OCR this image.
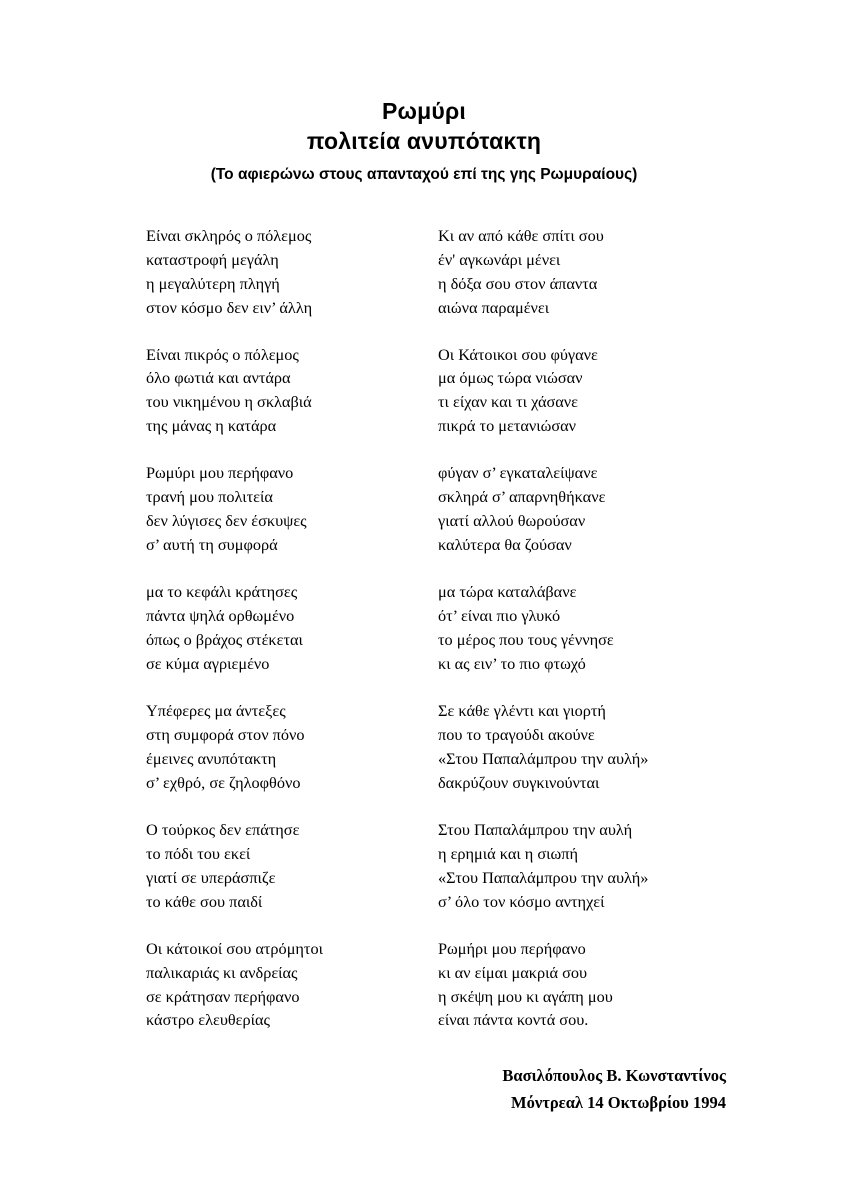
Ρωμύρι
πολιτεία ανυπότακτη
(Το αφιερώνω στους απανταχού επί της γης Ρωμυραίους)
Είναι σκληρός ο πόλεμος
καταστροφή μεγάλη
η μεγαλύτερη πληγή
στον κόσμο δεν ειν’ άλλη
Είναι πικρός ο πόλεμος
όλο φωτιά και αντάρα
του νικημένου η σκλαβιά
της μάνας η κατάρα
Ρωμύρι μου περήφανο
τρανή μου πολιτεία
δεν λύγισες δεν έσκυψες
σ’ αυτή τη συμφορά
μα το κεφάλι κράτησες
πάντα ψηλά ορθωμένο
όπως ο βράχος στέκεται
σε κύμα αγριεμένο
Υπέφερες μα άντεξες
στη συμφορά στον πόνο
έμεινες ανυπότακτη
σ’ εχθρό, σε ζηλοφθόνο
Ο τούρκος δεν επάτησε
το πόδι του εκεί
γιατί σε υπεράσπιζε
το κάθε σου παιδί
Οι κάτοικοί σου ατρόμητοι
παλικαριάς κι ανδρείας
σε κράτησαν περήφανο
κάστρο ελευθερίας
Κι αν από κάθε σπίτι σου
έν' αγκωνάρι μένει
η δόξα σου στον άπαντα
αιώνα παραμένει
Οι Κάτοικοι σου φύγανε
μα όμως τώρα νιώσαν
τι είχαν και τι χάσανε
πικρά το μετανιώσαν
φύγαν σ’ εγκαταλείψανε
σκληρά σ’ απαρνηθήκανε
γιατί αλλού θωρούσαν
καλύτερα θα ζούσαν
μα τώρα καταλάβανε
ότ’ είναι πιο γλυκό
το μέρος που τους γέννησε
κι ας ειν’ το πιο φτωχό
Σε κάθε γλέντι και γιορτή
που το τραγούδι ακούνε
«Στου Παπαλάμπρου την αυλή»
δακρύζουν συγκινούνται
Στου Παπαλάμπρου την αυλή
η ερημιά και η σιωπή
«Στου Παπαλάμπρου την αυλή»
σ’ όλο τον κόσμο αντηχεί
Ρωμήρι μου περήφανο
κι αν είμαι μακριά σου
η σκέψη μου κι αγάπη μου
είναι πάντα κοντά σου.
Βασιλόπουλος Β. Κωνσταντίνος
Μόντρεαλ 14 Οκτωβρίου 1994
